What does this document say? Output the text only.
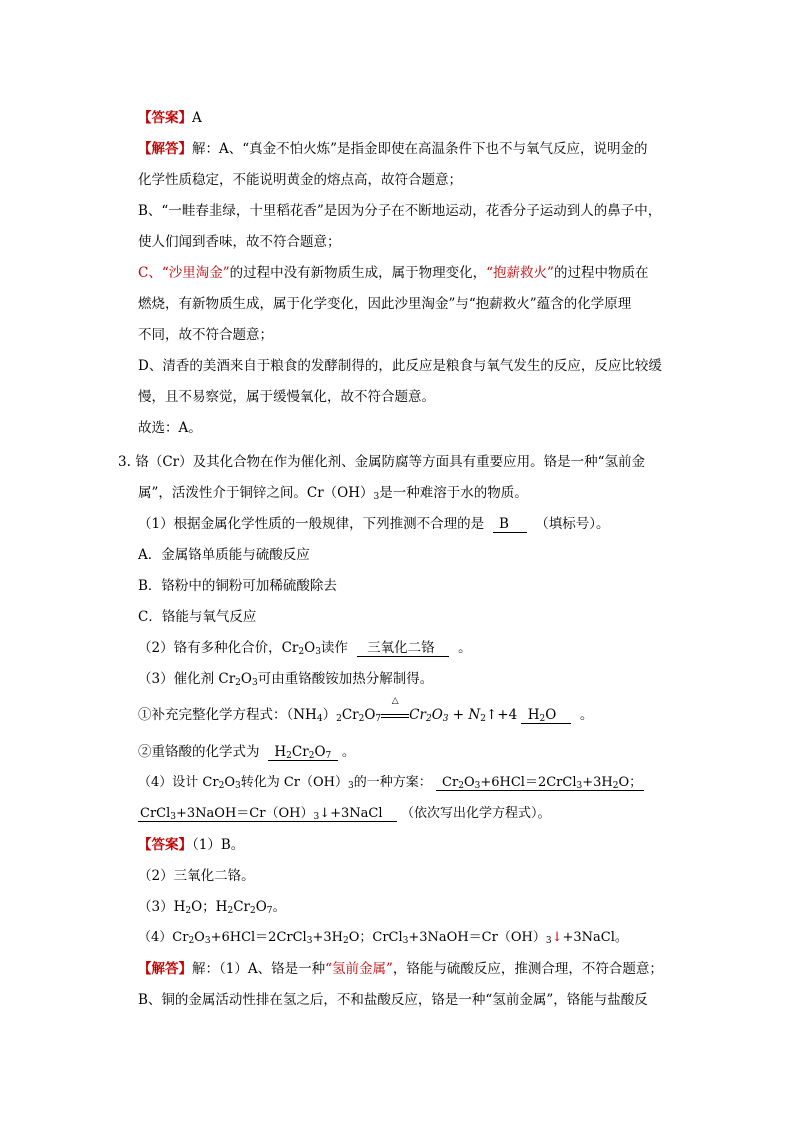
【答案】A
【解答】解：A、“真金不怕火炼”是指金即使在高温条件下也不与氧气反应，说明金的
化学性质稳定，不能说明黄金的熔点高，故符合题意；
B、“一畦春韭绿，十里稻花香”是因为分子在不断地运动，花香分子运动到人的鼻子中，
使人们闻到香味，故不符合题意；
C、“沙里淘金”的过程中没有新物质生成，属于物理变化，“抱薪救火”的过程中物质在
燃烧，有新物质生成，属于化学变化，因此沙里淘金”与“抱薪救火”蕴含的化学原理
不同，故不符合题意；
D、清香的美酒来自于粮食的发酵制得的，此反应是粮食与氧气发生的反应，反应比较缓
慢，且不易察觉，属于缓慢氧化，故不符合题意。
故选：A。
3.  铬（Cr）及其化合物在作为催化剂、金属防腐等方面具有重要应用。铬是一种“氢前金
属”，活泼性介于铜锌之间。$Cr(OH)_3$是一种难溶于水的物质。
（1）根据金属化学性质的一般规律，下列推测不合理的是 B （填标号）。
A．金属铬单质能与硫酸反应
B．铬粉中的铜粉可加稀硫酸除去
C．铬能与氧气反应
（2）铬有多种化合价，$Cr_2O_3$读作    三氧化二铬     。
（3）催化剂 $Cr_2O_3$可由重铬酸铵加热分解制得。
①补充完整化学方程式：$(NH_4)_2Cr_2O_7$
△
$Cr_2O_3$ + $N_2↑+4$  $H_2O$     。
②重铬酸的化学式为 $H_2Cr_2O_7$  。
（4）设计 $Cr_2O_3$转化为 $Cr(OH)_3$的一种方案：  $Cr_2O_3+6HCl=2CrCl_3+3H_2O$；
$CrCl_3+3NaOH=Cr(OH)_3↓+3NaCl$    （依次写出化学方程式）。
【答案】（1）B。
（2）三氧化二铬。
$(3)H_2O$；$H_2Cr_2O_7$。
$(4)Cr_2O_3+6HCl=2CrCl_3+3H_2O$；$CrCl_3+3NaOH=Cr(OH)_3↓+3NaCl$。
【解答】解：（1）A、铬是一种“氢前金属”，铬能与硫酸反应，推测合理，不符合题意；
B、铜的金属活动性排在氢之后，不和盐酸反应，铬是一种“氢前金属”，铬能与盐酸反
